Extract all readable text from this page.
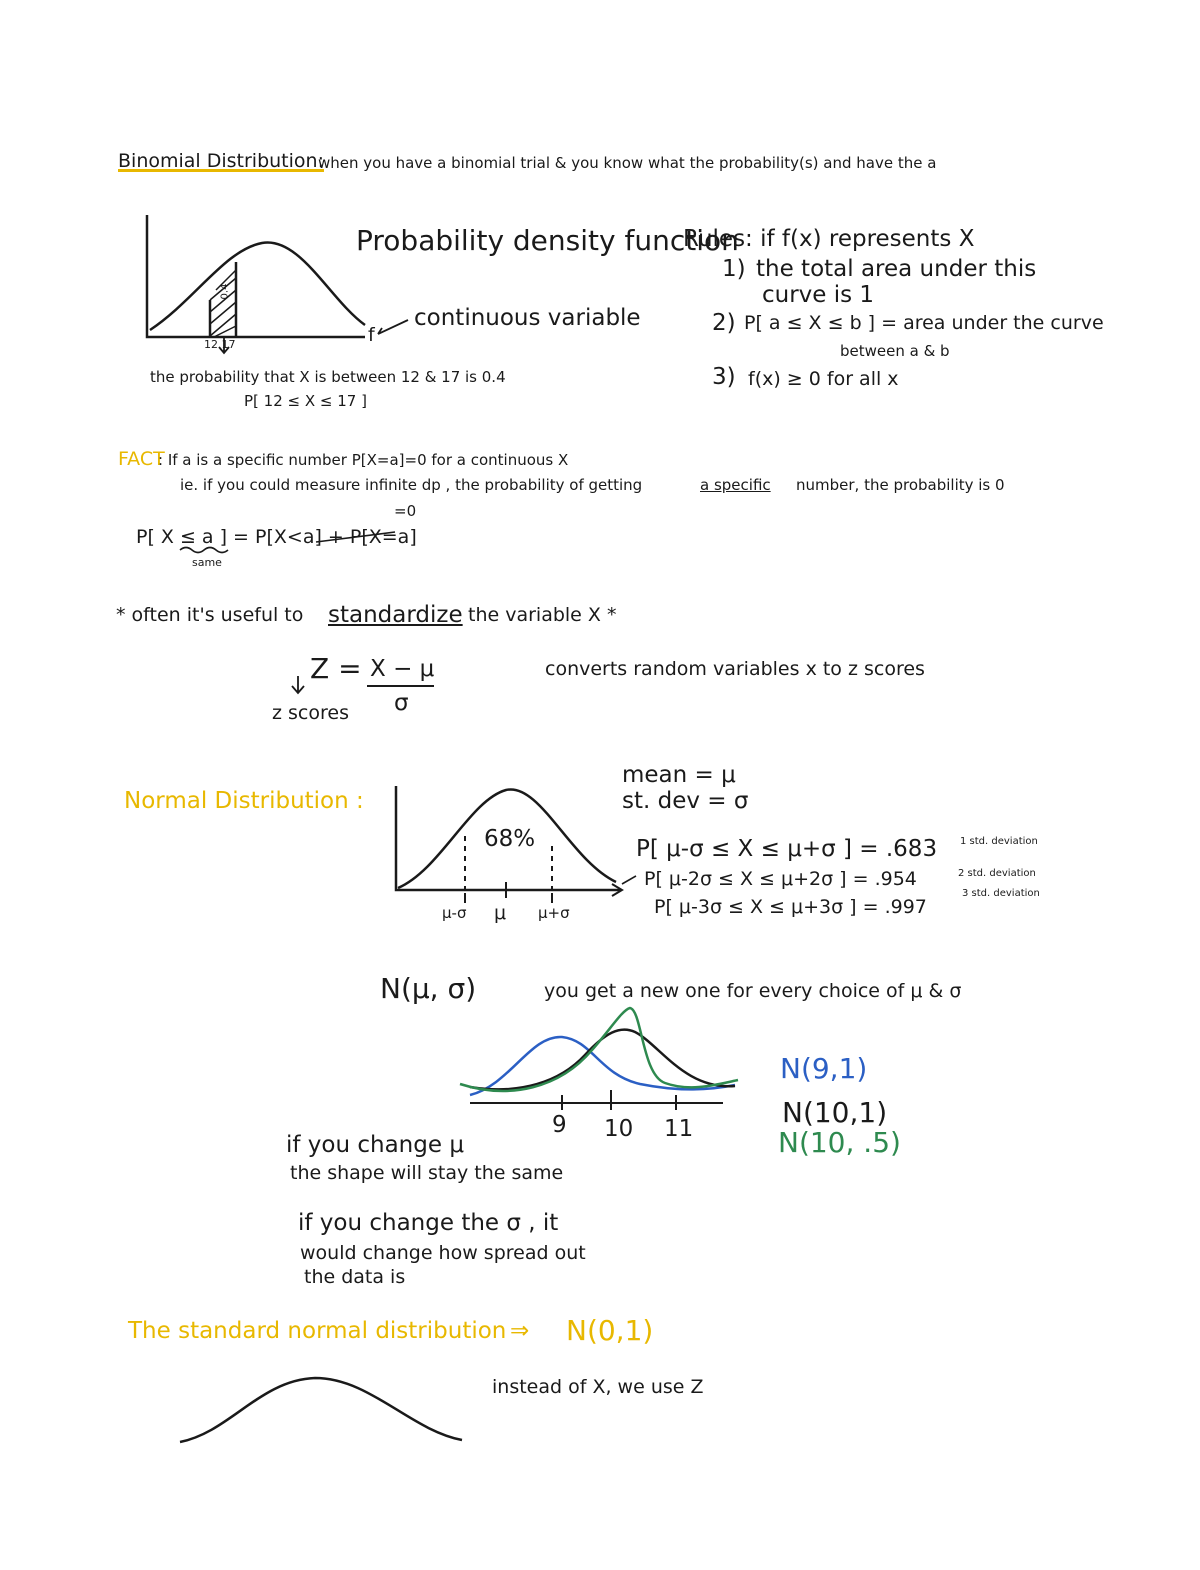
Binomial Distribution:
when you have a binomial trial & you know what the probability(s) and have the a
0.4
12 17	f
continuous variable
the probability that X is between 12 & 17 is 0.4
P[ 12 ≤ X ≤ 17 ]
Probability density function
Rules: if f(x) represents X
1) the total area under this
curve is 1
2) P[ a ≤ X ≤ b ] = area under the curve
between a & b
3) f(x) ≥ 0 for all x
FACT
: If a is a specific number P[X=a]=0 for a continuous X
ie. if you could measure infinite dp , the probability of getting	a specific number, the probability is 0
P[ X ≤ a ] = P[X<a] + P[X=a]
=0
same
* often it's useful to standardize the variable X *
Z = X − μ
σ
z scores
converts random variables x to z scores
Normal Distribution :
mean = μ
st. dev = σ
68%
μ-σ μ μ+σ
P[ μ-σ ≤ X ≤ μ+σ ] = .683
P[ μ-2σ ≤ X ≤ μ+2σ ] = .954
P[ μ-3σ ≤ X ≤ μ+3σ ] = .997
1 std. deviation
2 std. deviation
3 std. deviation
N(μ, σ)	you get a new one for every choice of μ & σ
9 10 11
N(9,1)
N(10,1)
N(10, .5)
if you change μ
the shape will stay the same
if you change the σ , it
would change how spread out
the data is
The standard normal distribution ⇒ N(0,1)
instead of X, we use Z
